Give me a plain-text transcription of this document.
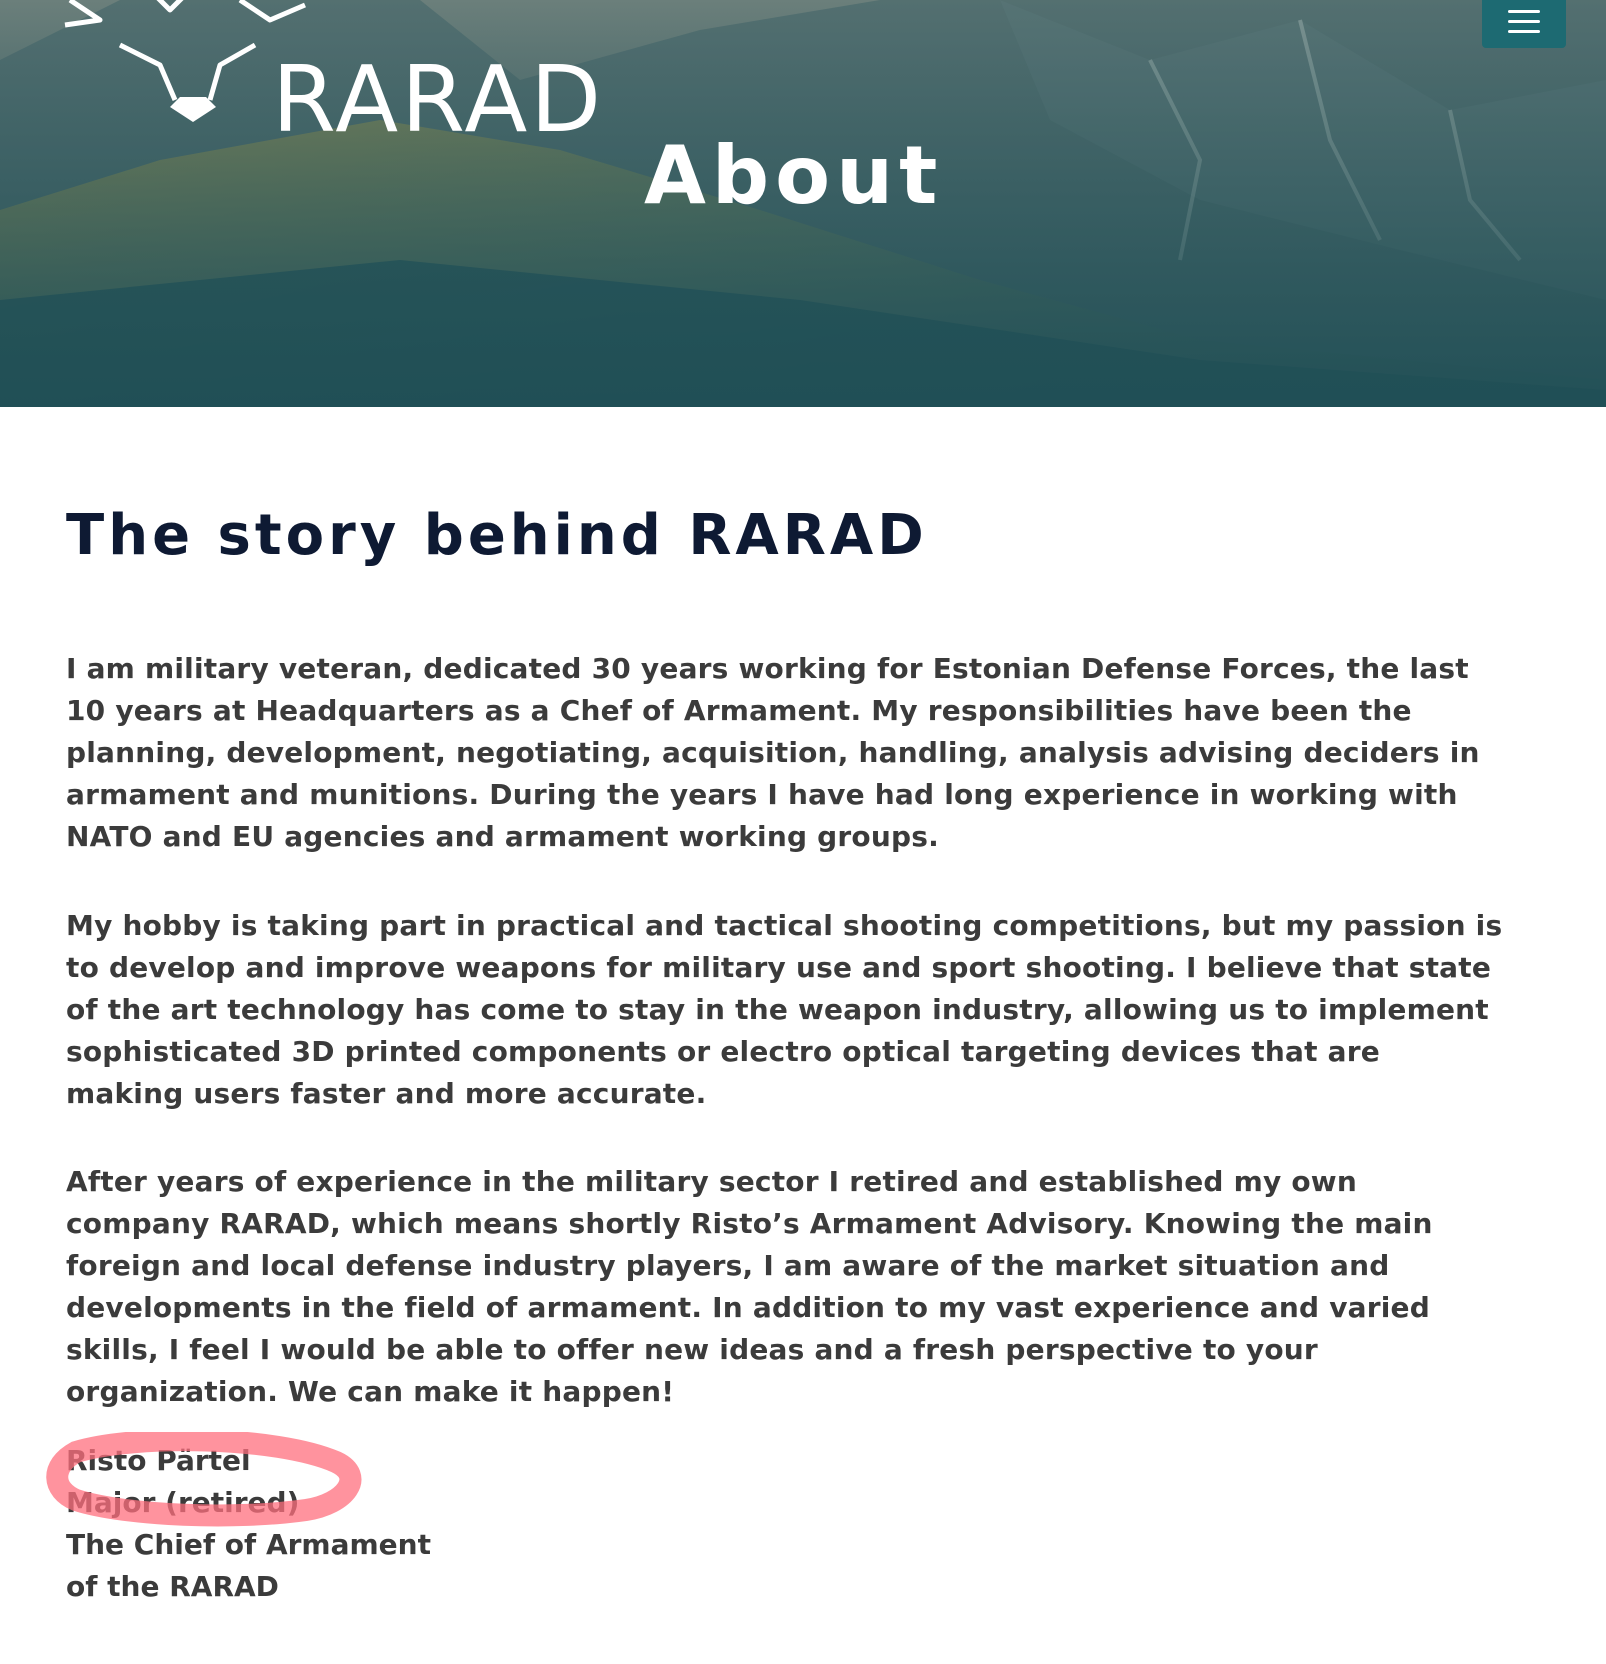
RARAD
About
The story behind RARAD

I am military veteran, dedicated 30 years working for Estonian Defense Forces, the last 10 years at Headquarters as a Chef of Armament. My responsibilities have been the planning, development, negotiating, acquisition, handling, analysis advising deciders in armament and munitions. During the years I have had long experience in working with NATO and EU agencies and armament working groups.

My hobby is taking part in practical and tactical shooting competitions, but my passion is to develop and improve weapons for military use and sport shooting. I believe that state of the art technology has come to stay in the weapon industry, allowing us to implement sophisticated 3D printed components or electro optical targeting devices that are making users faster and more accurate.

After years of experience in the military sector I retired and established my own company RARAD, which means shortly Risto’s Armament Advisory. Knowing the main foreign and local defense industry players, I am aware of the market situation and developments in the field of armament. In addition to my vast experience and varied skills, I feel I would be able to offer new ideas and a fresh perspective to your organization. We can make it happen!

Risto Pärtel
Major (retired)
The Chief of Armament
of the RARAD
